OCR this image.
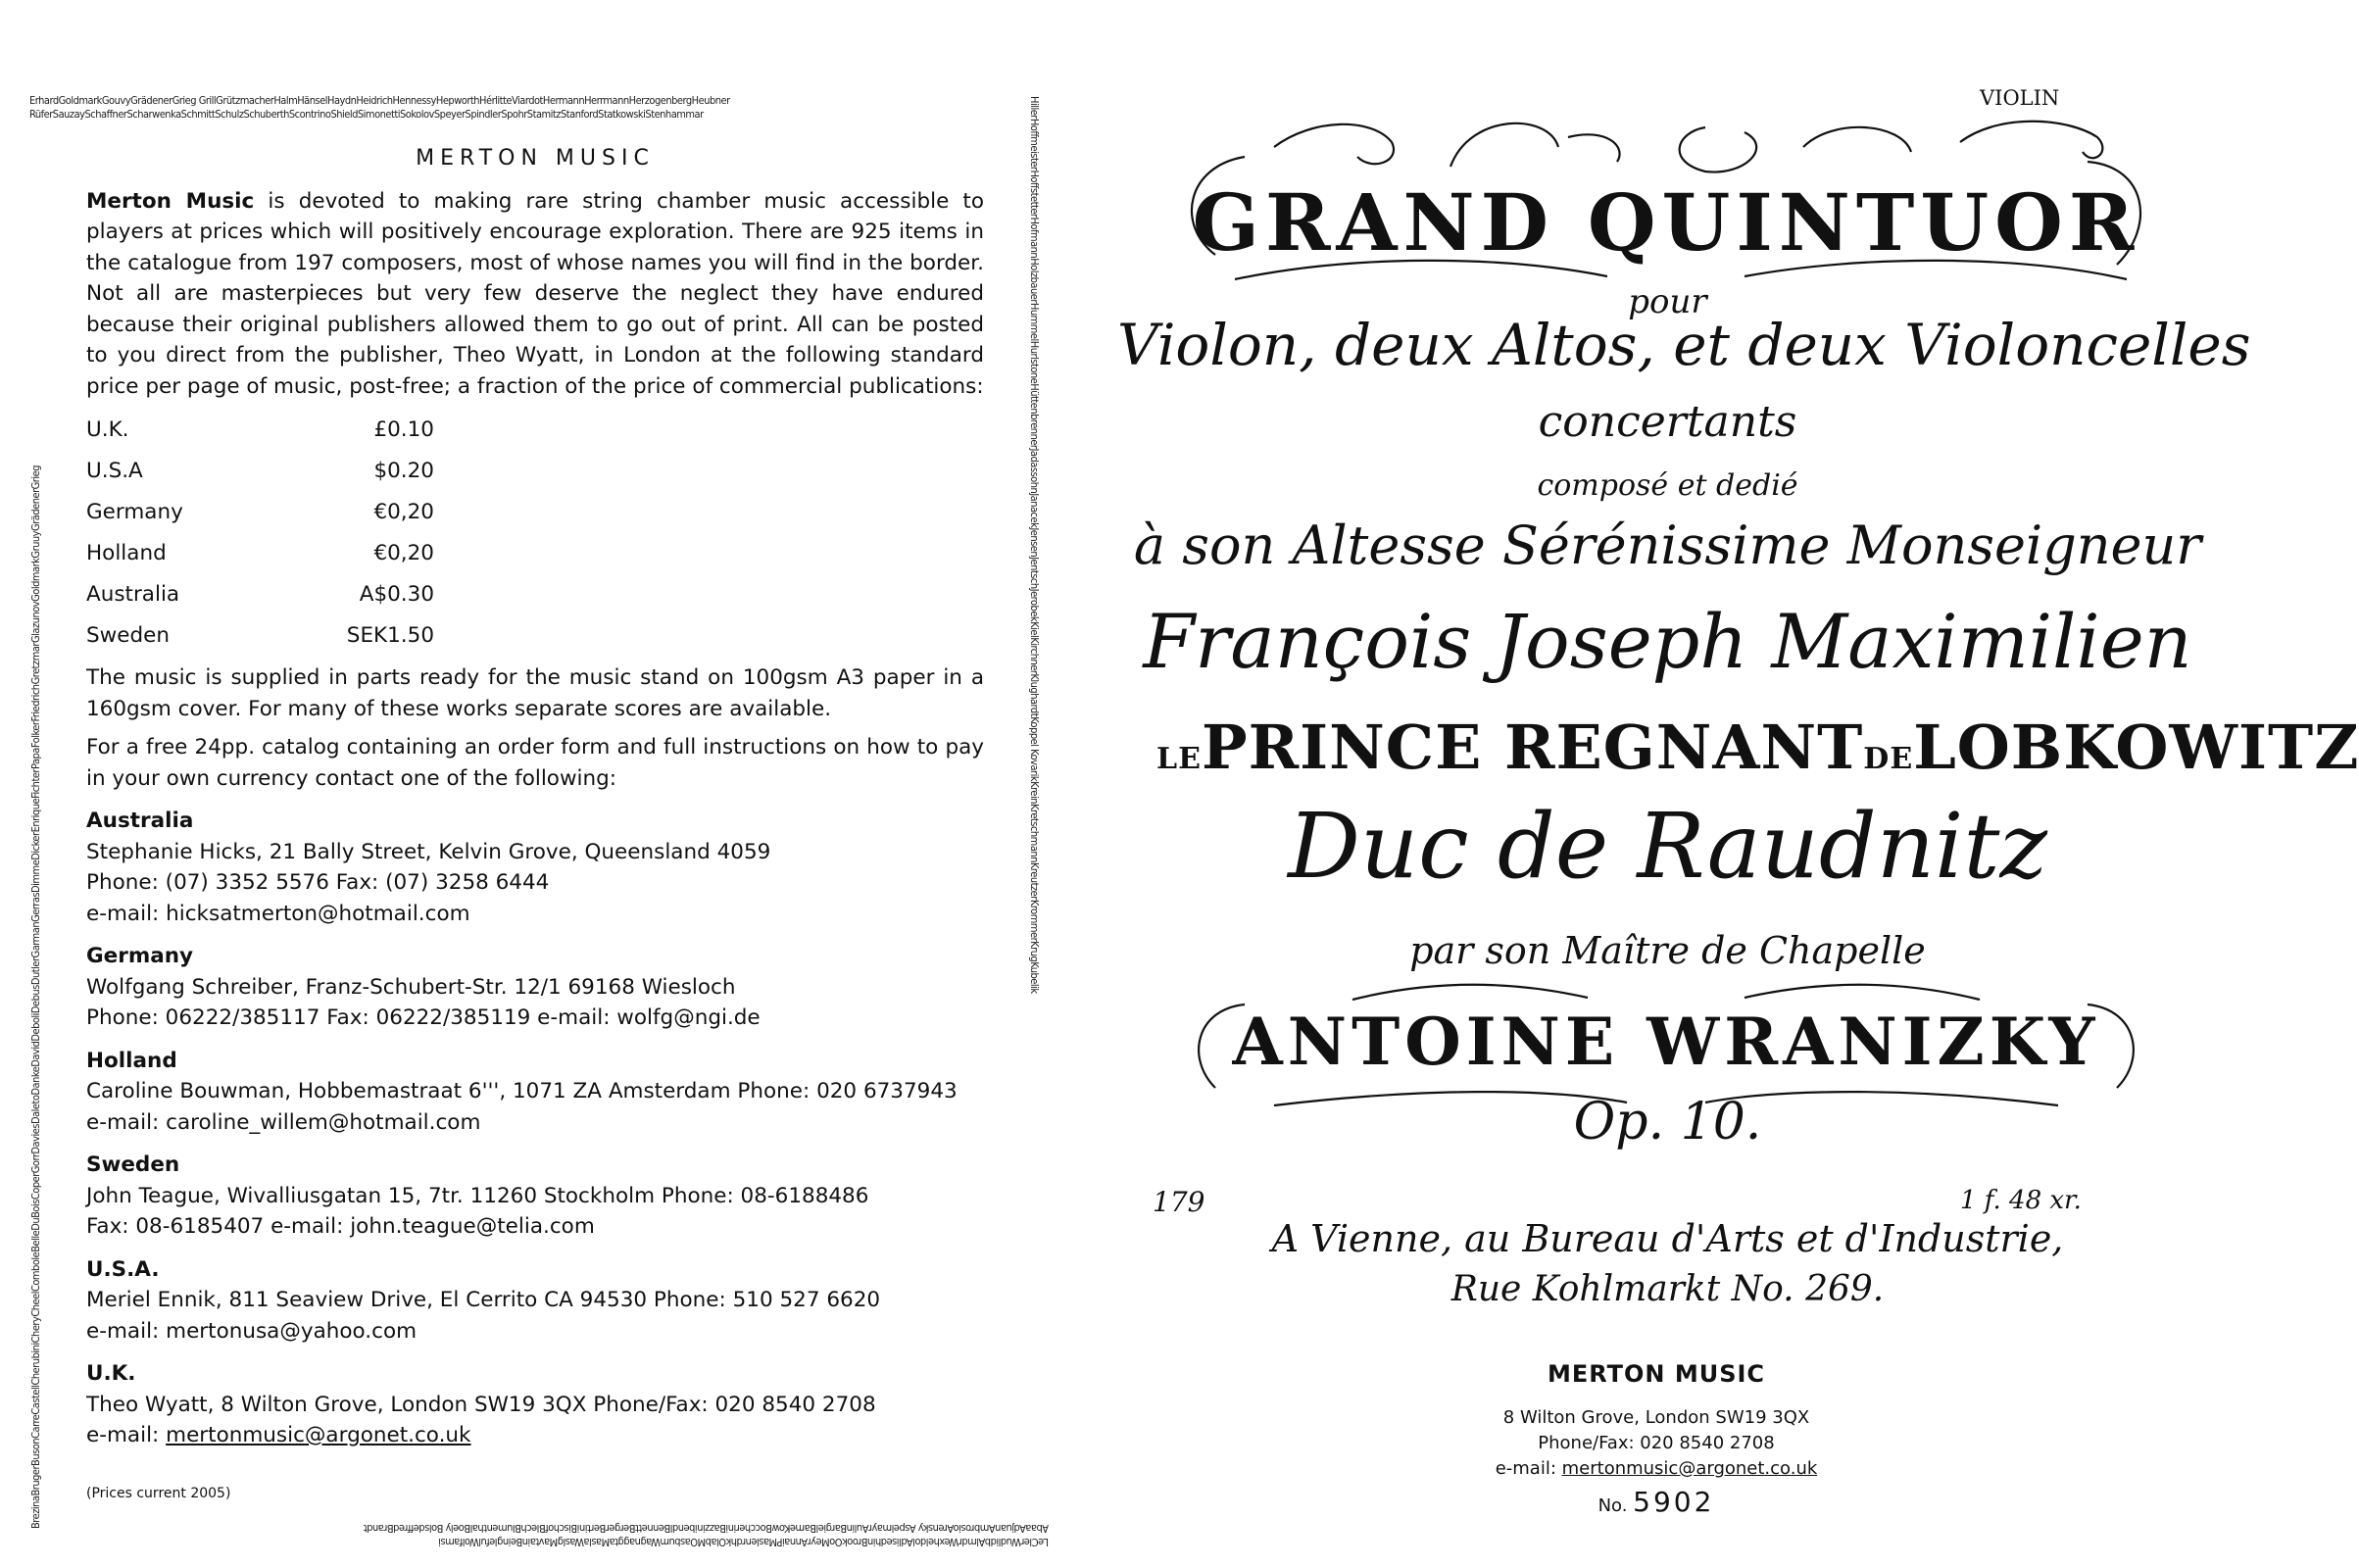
ErhardGoldmarkGouvyGrädenerGrieg GrillGrützmacherHalmHänselHaydnHeidrichHennessyHepworthHérlitteViardotHermannHerrmannHerzogenbergHeubner
RüferSauzaySchaffnerScharwenkaSchmittSchulzSchuberthScontrinoShieldSimonettiSokolovSpeyerSpindlerSpohrStamitzStanfordStatkowskiStenhammar
BrezinaBrugerBusonCarreCastellCherubiniCheryCheelComboleBelleDuBoisCoperGorrDaviesDaletoDankeDavidDeboliDebusDutlerGarmanGerrasDimmeDickerEnriqueFichterPapaFolkerFriedrichGretzmarGlazunovGoldmarkGruuyGrädenerGrieg	HillerHoffmeisterHoffstetterHofmannHolzbauerHummelHurlstoneHüttenbrennerJadassohnJanacekJensenJentschJerobekKielKirchnerKlughardtKoppel KovarikKreinKretschmannKreutzerKrommerKrugKubelik
AbaaAdjuanAmbrosioArensky AspelmayrAulinBargielBarneKowBoccheriniBazzinibendlBennettBergerBertiniBischofBlechBlumenthalBoely BolsdeffredBrandt
LeClerWudlidbAlmdrWexheldolAdlisedhinBrookOoMeyrAnnaiPMaslenrdhkOlabMOasburnWagnaggtaMaslaWaslgMavtainBeinglefulWolfamsi
MERTON MUSIC

Merton Music is devoted to making rare string chamber music accessible to players at prices which will positively encourage exploration. There are 925 items in the catalogue from 197 composers, most of whose names you will find in the border. Not all are masterpieces but very few deserve the neglect they have endured because their original publishers allowed them to go out of print. All can be posted to you direct from the publisher, Theo Wyatt, in London at the following standard price per page of music, post-free; a fraction of the price of commercial publications:

U.K.	£0.10
U.S.A	$0.20
Germany	€0,20
Holland	€0,20
Australia	A$0.30
Sweden	SEK1.50

The music is supplied in parts ready for the music stand on 100gsm A3 paper in a 160gsm cover. For many of these works separate scores are available.

For a free 24pp. catalog containing an order form and full instructions on how to pay in your own currency contact one of the following:

Australia
Stephanie Hicks, 21 Bally Street, Kelvin Grove, Queensland 4059
Phone: (07) 3352 5576 Fax: (07) 3258 6444
e-mail: hicksatmerton@hotmail.com
Germany
Wolfgang Schreiber, Franz-Schubert-Str. 12/1 69168 Wiesloch
Phone: 06222/385117 Fax: 06222/385119 e-mail: wolfg@ngi.de
Holland
Caroline Bouwman, Hobbemastraat 6''', 1071 ZA Amsterdam Phone: 020 6737943
e-mail: caroline_willem@hotmail.com
Sweden
John Teague, Wivalliusgatan 15, 7tr. 11260 Stockholm Phone: 08-6188486
Fax: 08-6185407 e-mail: john.teague@telia.com
U.S.A.
Meriel Ennik, 811 Seaview Drive, El Cerrito CA 94530 Phone: 510 527 6620
e-mail: mertonusa@yahoo.com
U.K.
Theo Wyatt, 8 Wilton Grove, London SW19 3QX Phone/Fax: 020 8540 2708
e-mail: mertonmusic@argonet.co.uk
(Prices current 2005)
VIOLIN
GRAND QUINTUOR
pour
Violon, deux Altos, et deux Violoncelles
concertants
composé et dedié
à son Altesse Sérénissime Monseigneur
François Joseph Maximilien
LEPRINCE REGNANTDELOBKOWITZ
Duc de Raudnitz
par son Maître de Chapelle
ANTOINE WRANIZKY
Op. 10.
179	1 f. 48 xr.
A Vienne, au Bureau d'Arts et d'Industrie,
Rue Kohlmarkt No. 269.
MERTON MUSIC
8 Wilton Grove, London SW19 3QX
Phone/Fax: 020 8540 2708
e-mail: mertonmusic@argonet.co.uk
No. 5902
